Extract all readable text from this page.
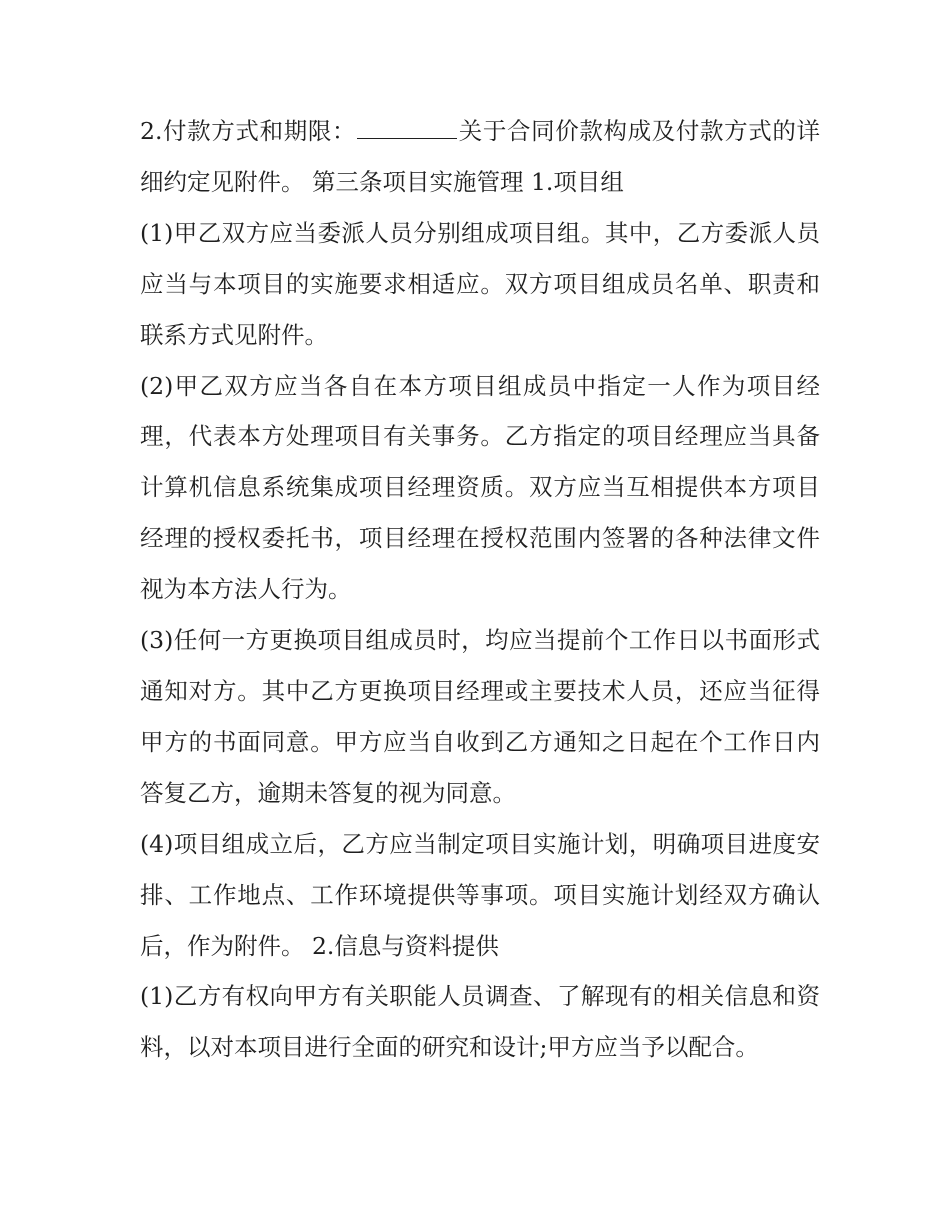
2.付款方式和期限：	关于合同价款构成及付款方式的详细约定见附件。 第三条项目实施管理 1.项目组

(1)甲乙双方应当委派人员分别组成项目组。其中，乙方委派人员应当与本项目的实施要求相适应。双方项目组成员名单、职责和联系方式见附件。

(2)甲乙双方应当各自在本方项目组成员中指定一人作为项目经理，代表本方处理项目有关事务。乙方指定的项目经理应当具备计算机信息系统集成项目经理资质。双方应当互相提供本方项目经理的授权委托书，项目经理在授权范围内签署的各种法律文件视为本方法人行为。

(3)任何一方更换项目组成员时，均应当提前个工作日以书面形式通知对方。其中乙方更换项目经理或主要技术人员，还应当征得甲方的书面同意。甲方应当自收到乙方通知之日起在个工作日内答复乙方，逾期未答复的视为同意。

(4)项目组成立后，乙方应当制定项目实施计划，明确项目进度安排、工作地点、工作环境提供等事项。项目实施计划经双方确认后，作为附件。 2.信息与资料提供

(1)乙方有权向甲方有关职能人员调查、了解现有的相关信息和资料，以对本项目进行全面的研究和设计;甲方应当予以配合。
